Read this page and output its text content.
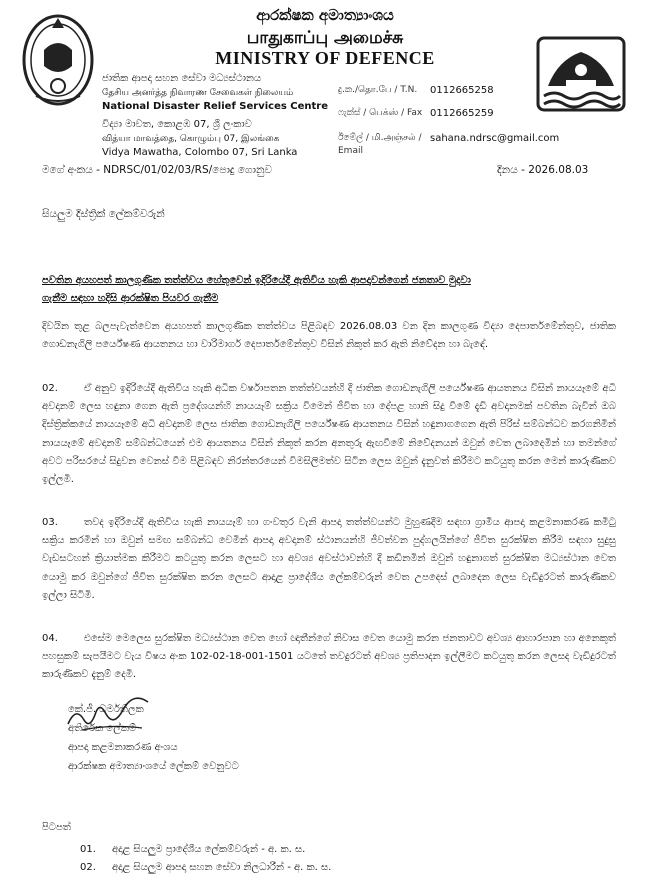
ආරක්ෂක අමාත්‍යාංශය
பாதுகாப்பு அமைச்சு
MINISTRY OF DEFENCE
ජාතික ආපදා සහන සේවා මධ්‍යස්ථානය
தேசிய அனர்த்த நிவாரண சேவைகள் நிலையம்
National Disaster Relief Services Centre
විද්‍යා මාවත, කොළඹ 07, ශ්‍රී ලංකාව
வித்யா மாவத்தை, கொழும்பு 07, இலங்கை
Vidya Mawatha, Colombo 07, Sri Lanka
දු.ක./தொ.பே / T.N.	0112665258
ෆැක්ස් / பெக்ஸ் / Fax 0112665259
ඊමේල් / மி.அஞ்சல் / Email
sahana.ndrsc@gmail.com
මගේ අංකය - NDRSC/01/02/03/RS/පොදු ගොනුව	දිනය - 2026.08.03
සියලුම දිස්ත්‍රික් ලේකම්වරුන්
පවතින අයහපත් කාලගුණික තත්ත්වය හේතුවෙන් ඉදිරියේදී ඇතිවිය හැකි ආපදාවන්ගෙන් ජනතාව මුදවා
ගැනීම සඳහා හදිසි ආරක්ෂිත පියවර ගැනීම
දිවයින තුළ බලපැවැත්වෙන අයහපත් කාලගුණික තත්ත්වය පිළිබඳව 2026.08.03 වන දින කාලගුණ විද්‍යා දෙපාර්තමේන්තුව, ජාතික ගොඩනැගිලි පර්යේෂණ ආයතනය හා වාරිමාර්ග දෙපාර්තමේන්තුව විසින් නිකුත් කර ඇති නිවේදන හා බැඳේ.
02.	ඒ අනුව ඉදිරියේදී ඇතිවිය හැකි අධික වර්ෂාපතන තත්ත්වයන්හි දී ජාතික ගොඩනැගිලි පර්යේෂණ ආයතනය විසින් නායයෑමේ අධි අවදානම් ලෙස හඳුනා ගෙන ඇති ප්‍රදේශයන්හි නායයෑම් සක්‍රිය වීමෙන් ජීවිත හා දේපළ හානි සිදු වීමේ දැඩි අවදානමක් පවතින බැවින් ඔබ දිස්ත්‍රික්කයේ නායයෑමේ අධි අවදානම් ලෙස ජාතික ගොඩනැගිලි පර්යේෂණ ආයතනය විසින් හඳුනාගගෙන ඇති පිරිස් සම්බන්ධව කරගනිමින් නායයෑමේ අවදානම් සම්බන්ධයෙන් එම ආයතනය විසින් නිකුත් කරන අනතුරු ඇඟවීමේ නිවේදනයන් ඔවුන් වෙත ලබාදෙමින් හා තමන්ගේ අවට පරිසරයේ සිදුවන වෙනස් වීම පිළිබඳව නිරන්තරයෙන් විමසිලිමත්ව සිටින ලෙස ඔවුන් දැනුවත් කිරීමට කටයුතු කරන මෙන් කාරුණිකව ඉල්ලමි.
03.	තවද ඉදිරියේදී ඇතිවිය හැකි නායයෑම් හා ගංවතුර වැනි ආපදා තත්ත්වයන්ට මුහුණදීම සඳහා ග්‍රාමීය ආපදා කළමනාකරණ කමිටු සක්‍රිය කරමින් හා ඔවුන් සමඟ සම්බන්ධ වෙමින් ආපදා අවදානම් ස්ථානයන්හි ජීවත්වන පුද්ගලයින්ගේ ජීවිත සුරක්ෂිත කිරීම සඳහා සුදුසු වැඩසටහන් ක්‍රියාත්මක කිරීමට කටයුතු කරන ලෙසට හා අවශ්‍ය අවස්ථාවන්හි දී කඩිනමින් ඔවුන් හඳුනාගත් සුරක්ෂිත මධ්‍යස්ථාන වෙත යොමු කර ඔවුන්ගේ ජීවිත සුරක්ෂිත කරන ලෙසට ආදාළ ප්‍රාදේශීය ලේකම්වරුන් වෙත උපදෙස් ලබාදෙන ලෙස වැඩිදුරටත් කාරුණිකව ඉල්ලා සිටිමි.
04.	එසේම මෙලෙස සුරක්ෂිත මධ්‍යස්ථාන වෙත හෝ ඥාතීන්ගේ නිවාස වෙත යොමු කරන ජනතාවට අවශ්‍ය ආහාරපාන හා අනෙකුත් පහසුකම් සැපයීමට වැය විෂය අංක 102-02-18-001-1501 යටතේ තවදුරටත් අවශ්‍ය ප්‍රතිපාදන ඉල්ලීමට කටයුතු කරන ලෙසද වැඩිදුරටත් කාරුණිකව දැනුම් දෙමි.
කේ.ජී. ධර්මතිලක
අතිරේක ලේකම්
ආපදා කළමනාකරණ අංශය
ආරක්ෂක අමාත්‍යාංශයේ ලේකම් වෙනුවට
පිටපත්
01. අදාළ සියලුම ප්‍රාදේශීය ලේකම්වරුන් - අ. ක. ස.
02. අදාළ සියලුම ආපදා සහන සේවා නිලධාරීන් - අ. ක. ස.
